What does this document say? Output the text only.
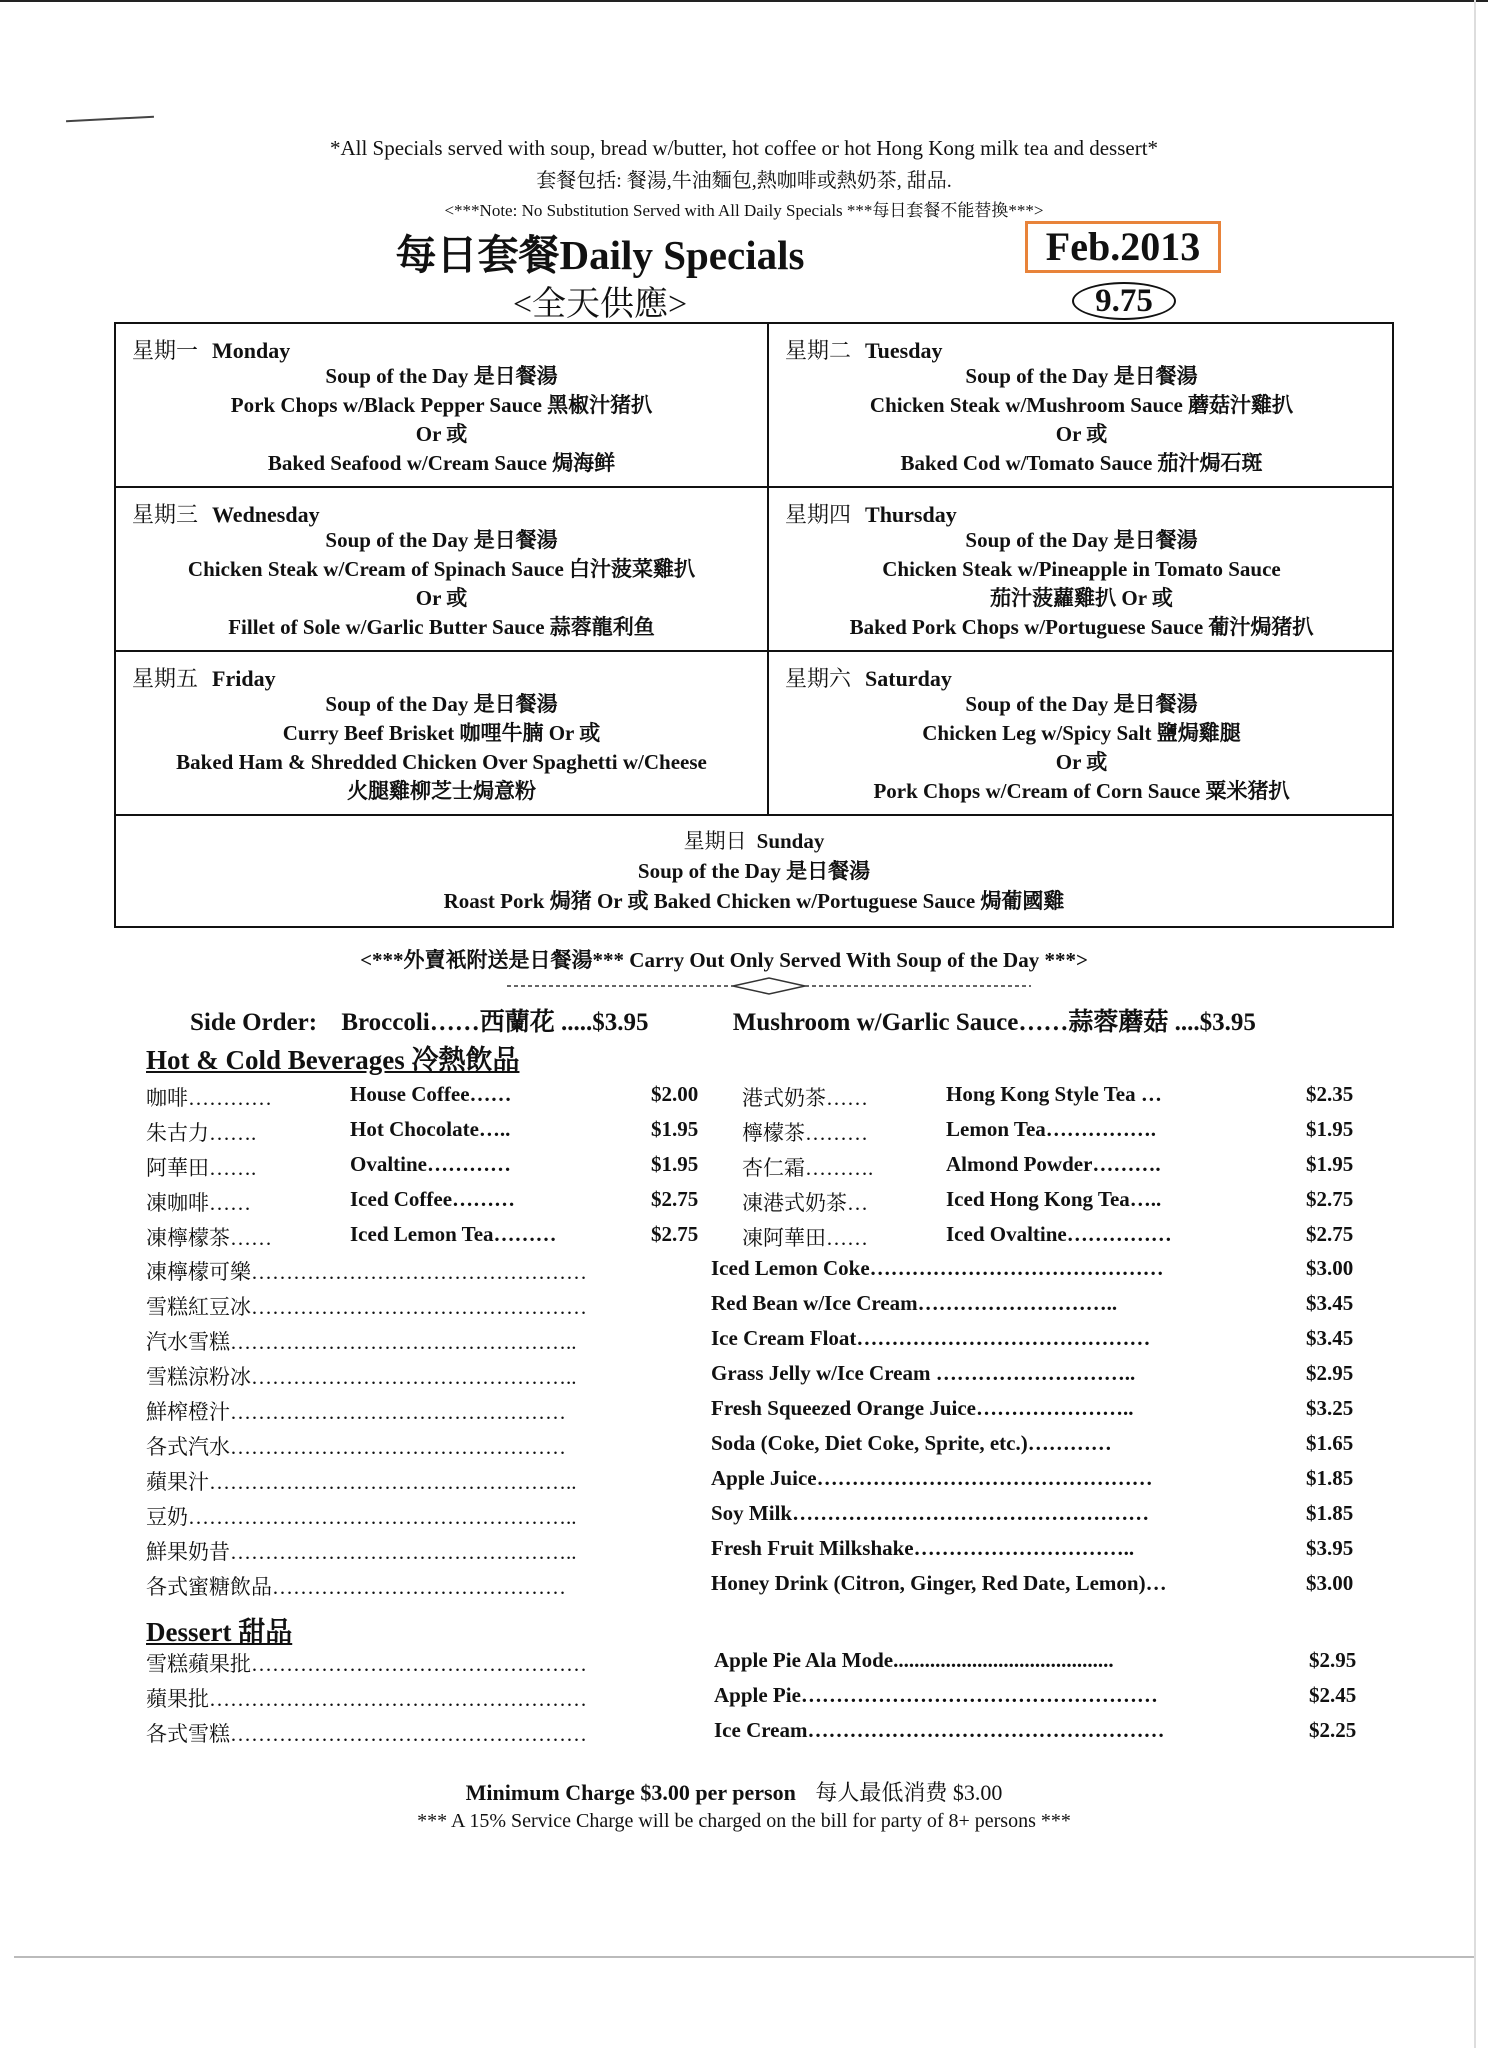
*All Specials served with soup, bread w/butter, hot coffee or hot Hong Kong milk tea and dessert*
套餐包括: 餐湯,牛油麵包,熱咖啡或熱奶茶, 甜品.
<***Note: No Substitution Served with All Daily Specials ***每日套餐不能替換***>
每日套餐Daily Specials
<全天供應>
Feb.2013
9.75
星期一 Monday
Soup of the Day 是日餐湯
Pork Chops w/Black Pepper Sauce 黑椒汁猪扒
Or 或
Baked Seafood w/Cream Sauce 焗海鲜
星期二 Tuesday
Soup of the Day 是日餐湯
Chicken Steak w/Mushroom Sauce 蘑菇汁雞扒
Or 或
Baked Cod w/Tomato Sauce 茄汁焗石斑
星期三 Wednesday
Soup of the Day 是日餐湯
Chicken Steak w/Cream of Spinach Sauce 白汁菠菜雞扒
Or 或
Fillet of Sole w/Garlic Butter Sauce 蒜蓉龍利鱼
星期四 Thursday
Soup of the Day 是日餐湯
Chicken Steak w/Pineapple in Tomato Sauce
茄汁菠蘿雞扒 Or 或
Baked Pork Chops w/Portuguese Sauce 葡汁焗猪扒
星期五 Friday
Soup of the Day 是日餐湯
Curry Beef Brisket 咖哩牛腩 Or 或
Baked Ham & Shredded Chicken Over Spaghetti w/Cheese
火腿雞柳芝士焗意粉
星期六 Saturday
Soup of the Day 是日餐湯
Chicken Leg w/Spicy Salt 鹽焗雞腿
Or 或
Pork Chops w/Cream of Corn Sauce 粟米猪扒
星期日 Sunday
Soup of the Day 是日餐湯
Roast Pork 焗猪 Or 或 Baked Chicken w/Portuguese Sauce 焗葡國雞
<***外賣衹附送是日餐湯*** Carry Out Only Served With Soup of the Day ***>
Side Order: Broccoli……西蘭花 .....$3.95	Mushroom w/Garlic Sauce……蒜蓉蘑菇 ....$3.95
Hot & Cold Beverages 冷熱飲品
咖啡…………	House Coffee……	$2.00 港式奶茶……	Hong Kong Style Tea …	$2.35
朱古力…….	Hot Chocolate…..	$1.95 檸檬茶………	Lemon Tea…………….	$1.95
阿華田…….	Ovaltine…………	$1.95 杏仁霜……….	Almond Powder……….	$1.95
凍咖啡……	Iced Coffee………	$2.75 凍港式奶茶…	Iced Hong Kong Tea…..	$2.75
凍檸檬茶……	Iced Lemon Tea………	$2.75 凍阿華田……	Iced Ovaltine……………	$2.75
凍檸檬可樂…………………………………………	Iced Lemon Coke……………………………………	$3.00
雪糕紅豆冰…………………………………………	Red Bean w/Ice Cream………………………..	$3.45
汽水雪糕…………………………………………..	Ice Cream Float……………………………………	$3.45
雪糕涼粉冰………………………………………..	Grass Jelly w/Ice Cream ………………………..	$2.95
鮮榨橙汁…………………………………………	Fresh Squeezed Orange Juice…………………..	$3.25
各式汽水…………………………………………	Soda (Coke, Diet Coke, Sprite, etc.)…………	$1.65
蘋果汁……………………………………………..	Apple Juice…………………………………………	$1.85
豆奶………………………………………………..	Soy Milk……………………………………………	$1.85
鮮果奶昔…………………………………………..	Fresh Fruit Milkshake…………………………..	$3.95
各式蜜糖飲品……………………………………	Honey Drink (Citron, Ginger, Red Date, Lemon)…	$3.00
Dessert 甜品
雪糕蘋果批…………………………………………	Apple Pie Ala Mode..........................................	$2.95
蘋果批………………………………………………	Apple Pie……………………………………………	$2.45
各式雪糕……………………………………………	Ice Cream……………………………………………	$2.25
Minimum Charge $3.00 per person 每人最低消费 $3.00
*** A 15% Service Charge will be charged on the bill for party of 8+ persons ***
